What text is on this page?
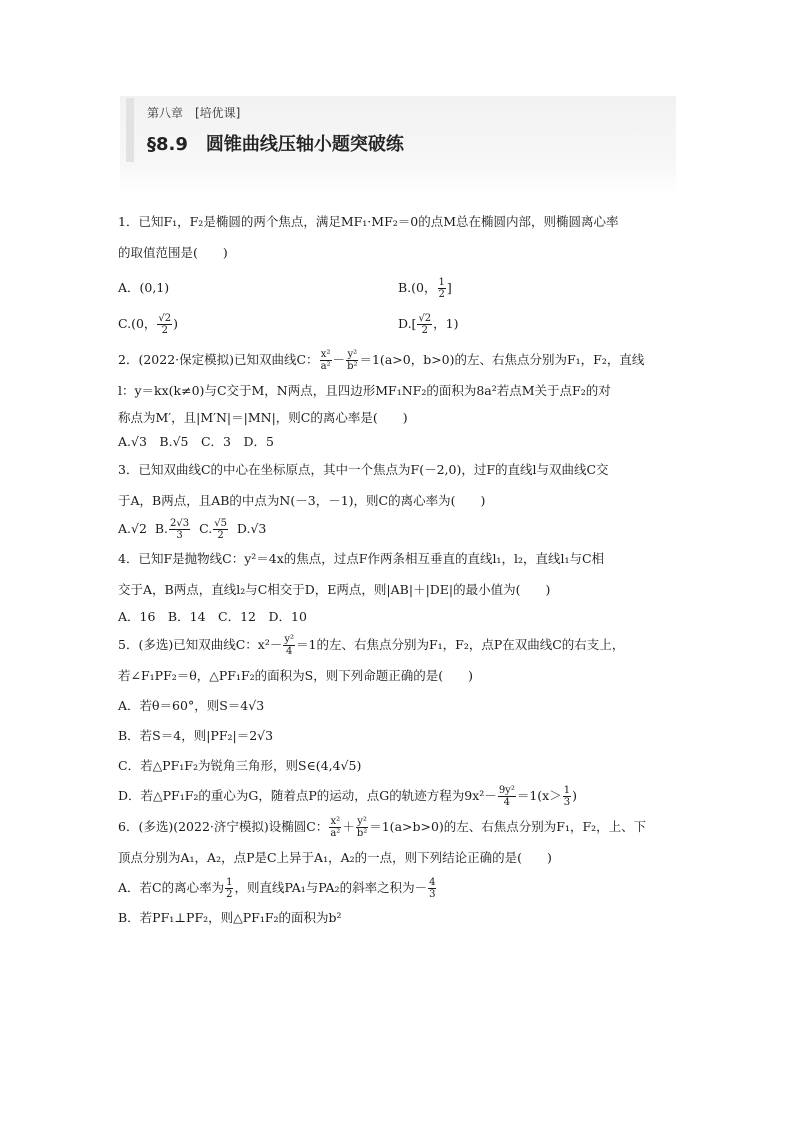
第八章　[培优课]
§8.9　圆锥曲线压轴小题突破练

1．已知F₁，F₂是椭圆的两个焦点，满足MF₁·MF₂＝0的点M总在椭圆内部，则椭圆离心率

的取值范围是(　　)

A．(0,1)	B.(0， $\frac{1}{2}$ ]
C.(0， $\frac{√2}{2}$ )	$D.[ \frac{√2}{2}$ ，1)

2．(2022·保定模拟)已知双曲线C： $\frac{\text{x²}}{\text{a²}} - \frac{\text{y²}}{\text{b²}} =1(a>0$，b>0)的左、右焦点分别为F₁，F₂，直线

l：y＝kx(k≠0)与C交于M，N两点，且四边形MF₁NF₂的面积为8a²若点M关于点F₂的对

称点为M′，且|M′N|＝|MN|，则C的离心率是(　　)

A.√3　B.√5　C．3　D．5

3．已知双曲线C的中心在坐标原点，其中一个焦点为F(－2,0)，过F的直线l与双曲线C交

于A，B两点，且AB的中点为N(－3，－1)，则C的离心率为(　　)

A.√2 B. $\frac{2√3}{3} C$. $\frac{√5}{2} D.√3$

4．已知F是抛物线C：y²＝4x的焦点，过点F作两条相互垂直的直线l₁，l₂，直线l₁与C相

交于A，B两点，直线l₂与C相交于D，E两点，则|AB|＋|DE|的最小值为(　　)

A．16　B．14　C．12　D．10

5．(多选)已知双曲线C：$x^2- \frac{\text{y²}}{4} =1$的左、右焦点分别为F₁，F₂，点P在双曲线C的右支上，

若∠F₁PF₂＝θ，△PF₁F₂的面积为S，则下列命题正确的是(　　)

A．若θ＝60°，则S＝4√3

B．若S＝4，则|PF₂|＝2√3

C．若△PF₁F₂为锐角三角形，则S∈(4,4√5)

D．若△PF₁F₂的重心为G，随着点P的运动，点G的轨迹方程为$9x^2- \frac{\text{9y²}}{4} =1(x> \frac{1}{3}$ )

6．(多选)(2022·济宁模拟)设椭圆C： $\frac{\text{x²}}{\text{a²}} + \frac{\text{y²}}{\text{b²}} =1(a>b>0)$的左、右焦点分别为F₁，F₂，上、下

顶点分别为A₁，A₂，点P是C上异于A₁，A₂的一点，则下列结论正确的是(　　)

A．若C的离心率为 $\frac{1}{2}$ ，则直线PA₁与PA₂的斜率之积为－ $\frac{4}{3}$

B．若PF₁⊥PF₂，则△PF₁F₂的面积为b²
